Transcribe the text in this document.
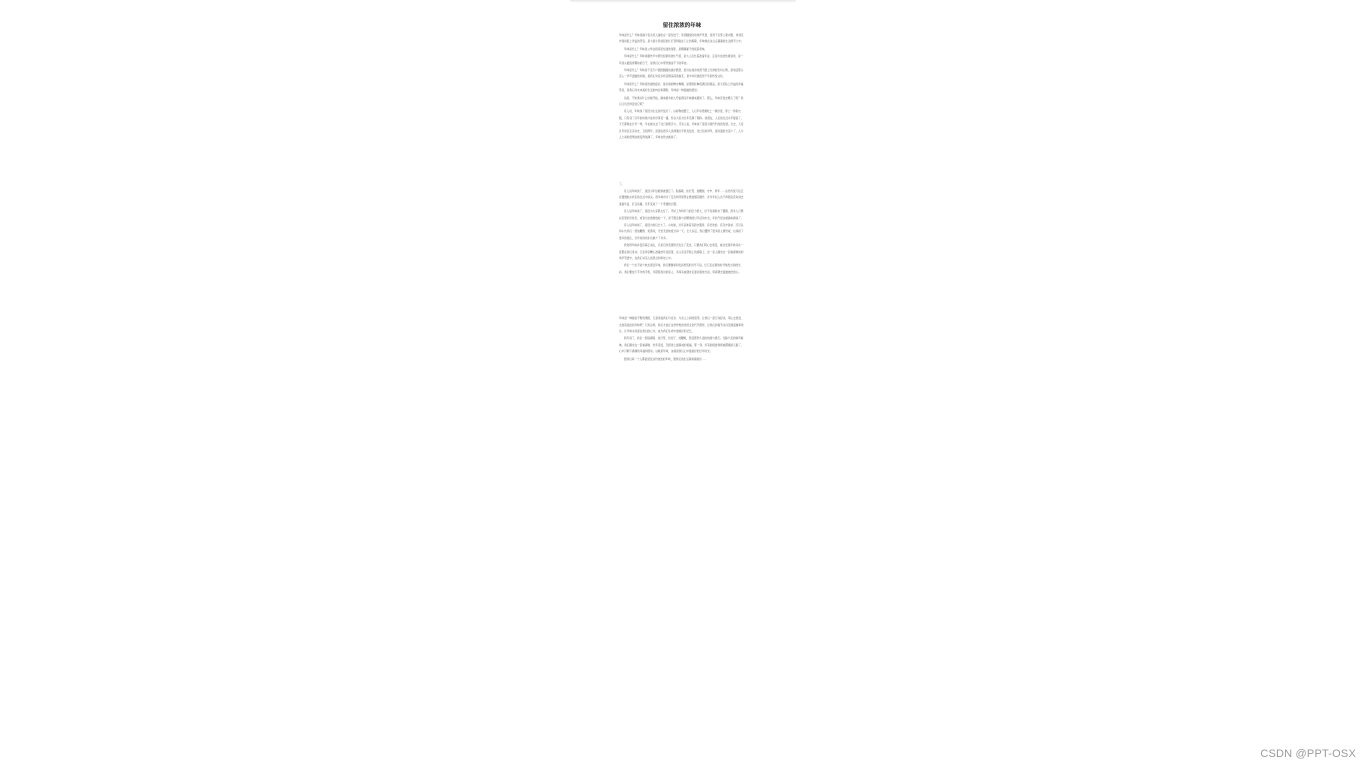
留住浓浓的年味

年味是什么？年味是除夕夜全家人围坐在一起包饺子、吃团圆饭时的欢声笑语，是孩子们穿上新衣服、拿到压岁钱时脸上洋溢的笑容，是大街小巷挂起的红灯笼和贴在门上的春联，年味就在这点点滴滴的生活细节之中。

年味是什么？年味是父母在厨房里忙碌的身影，是飘满屋子的饭菜香味。

年味是什么？年味是爆竹声中辞旧迎新的欢乐气氛，是大人们忙着准备年货、走亲访友的热闹景象，是一年到头最值得期待的日子，是我们心中那份割舍不下的牵挂。

年味是什么？年味是千家万户团团圆圆的美好愿望，是远在他乡的游子踏上归途的急切心情，是电话那头亲人一声声温暖的问候，是我们对家乡和亲情深深的眷恋，是中华民族流传千年的传统文化。

年味是什么？年味是热闹的庙会，是好看的舞龙舞狮，是逛街时琳琅满目的商品，是大家脸上洋溢的幸福笑容，是我们对未来美好生活的向往和期盼，年味是一种温暖的感觉。

但是，不知道从什么时候开始，越来越多的人开始感叹年味越来越淡了。那么，年味究竟去哪儿了呢？我们又该怎样留住它呢？

有人说，年味淡了是因为生活条件变好了。以前物质匮乏，人们平时很难吃上一顿好饭、穿上一件新衣服，只有到了过年的时候才能好好享受一番，所以大家对过年充满了期待。而现在，人们的生活水平提高了，天天都像在过年一样，年也就失去了往日的吸引力。还有人说，年味淡了是因为现代科技的发展。过去，大家过年时会走亲访友、互相拜年，而现在很多人选择通过手机发信息、发红包来拜年，面对面的交流少了，人与人之间的感情也就变得淡薄了，年味自然也就淡了。

了。

有人说年味淡了，是因为年俗渐渐被遗忘了。贴春联、挂灯笼、放鞭炮、守岁、拜年……这些传统习俗正在慢慢地从我们的生活中消失。很多城市为了安全和环保禁止燃放烟花爆竹，许多年轻人也不再愿意花时间去准备年货、打扫房屋，过年变成了一个普通的长假。

有人说年味淡了，是因为大家都太忙了。平时工作和学习的压力很大，好不容易盼来了假期，很多人只想在家里好好休息，或者出去旅游放松一下，而不愿意参与到繁琐的过年活动中去，年的气氛也就越来越淡了。

有人说年味淡了，是因为我们长大了。小时候，过年意味着有新衣服穿、有好吃的、有压岁钱拿，还可以和小伙伴们一起放鞭炮、玩游戏，无忧无虑地度过每一天。长大以后，我们懂得了更多的人情世故，也承担了更多的责任，过年时的快乐也就少了许多。

我觉得年味并没有真正消失，只是它的表现形式发生了变化。只要我们用心去感受，就会发现年味其实一直都在我们身边。它在母亲精心准备的年夜饭里，在父亲亲手贴上的春联上，在一家人围坐在一起看春晚时的欢声笑语中，在我们对亲人的思念和牵挂之中。

我们一个也不能少地去留住年味，我们要继承和发扬传统的过年习俗，让它们在新的时代焕发出新的光彩。我们要放下手中的手机，多陪陪身边的家人，多和亲戚朋友们面对面地交流，用真情去温暖彼此的心。

年味是一种割舍不断的情感，它是连接我们与家乡、与亲人之间的纽带。让我们一起行动起来，用心去感受、去创造浓浓的年味吧！只有这样，我们才能让这份珍贵的传统文化代代相传，让我们的春节永远充满温暖和欢乐，让年味永远留在我们的心中，成为我们生命中最美好的记忆。

新年到了，我们一起贴春联、挂灯笼、包饺子、放鞭炮，感受那份久违的热闹与喜庆。当除夕夜的钟声敲响，我们围坐在一起看春晚、吃年夜饭，互相送上最真诚的祝福，那一刻，所有的疲惫和烦恼都烟消云散了，心中只剩下满满的幸福和感动。这就是年味，这就是我们心中最美好的过年时光。

愿我们每一个人都能留住这份浓浓的年味，愿我们的生活越来越美好……

CSDN @PPT-OSX
